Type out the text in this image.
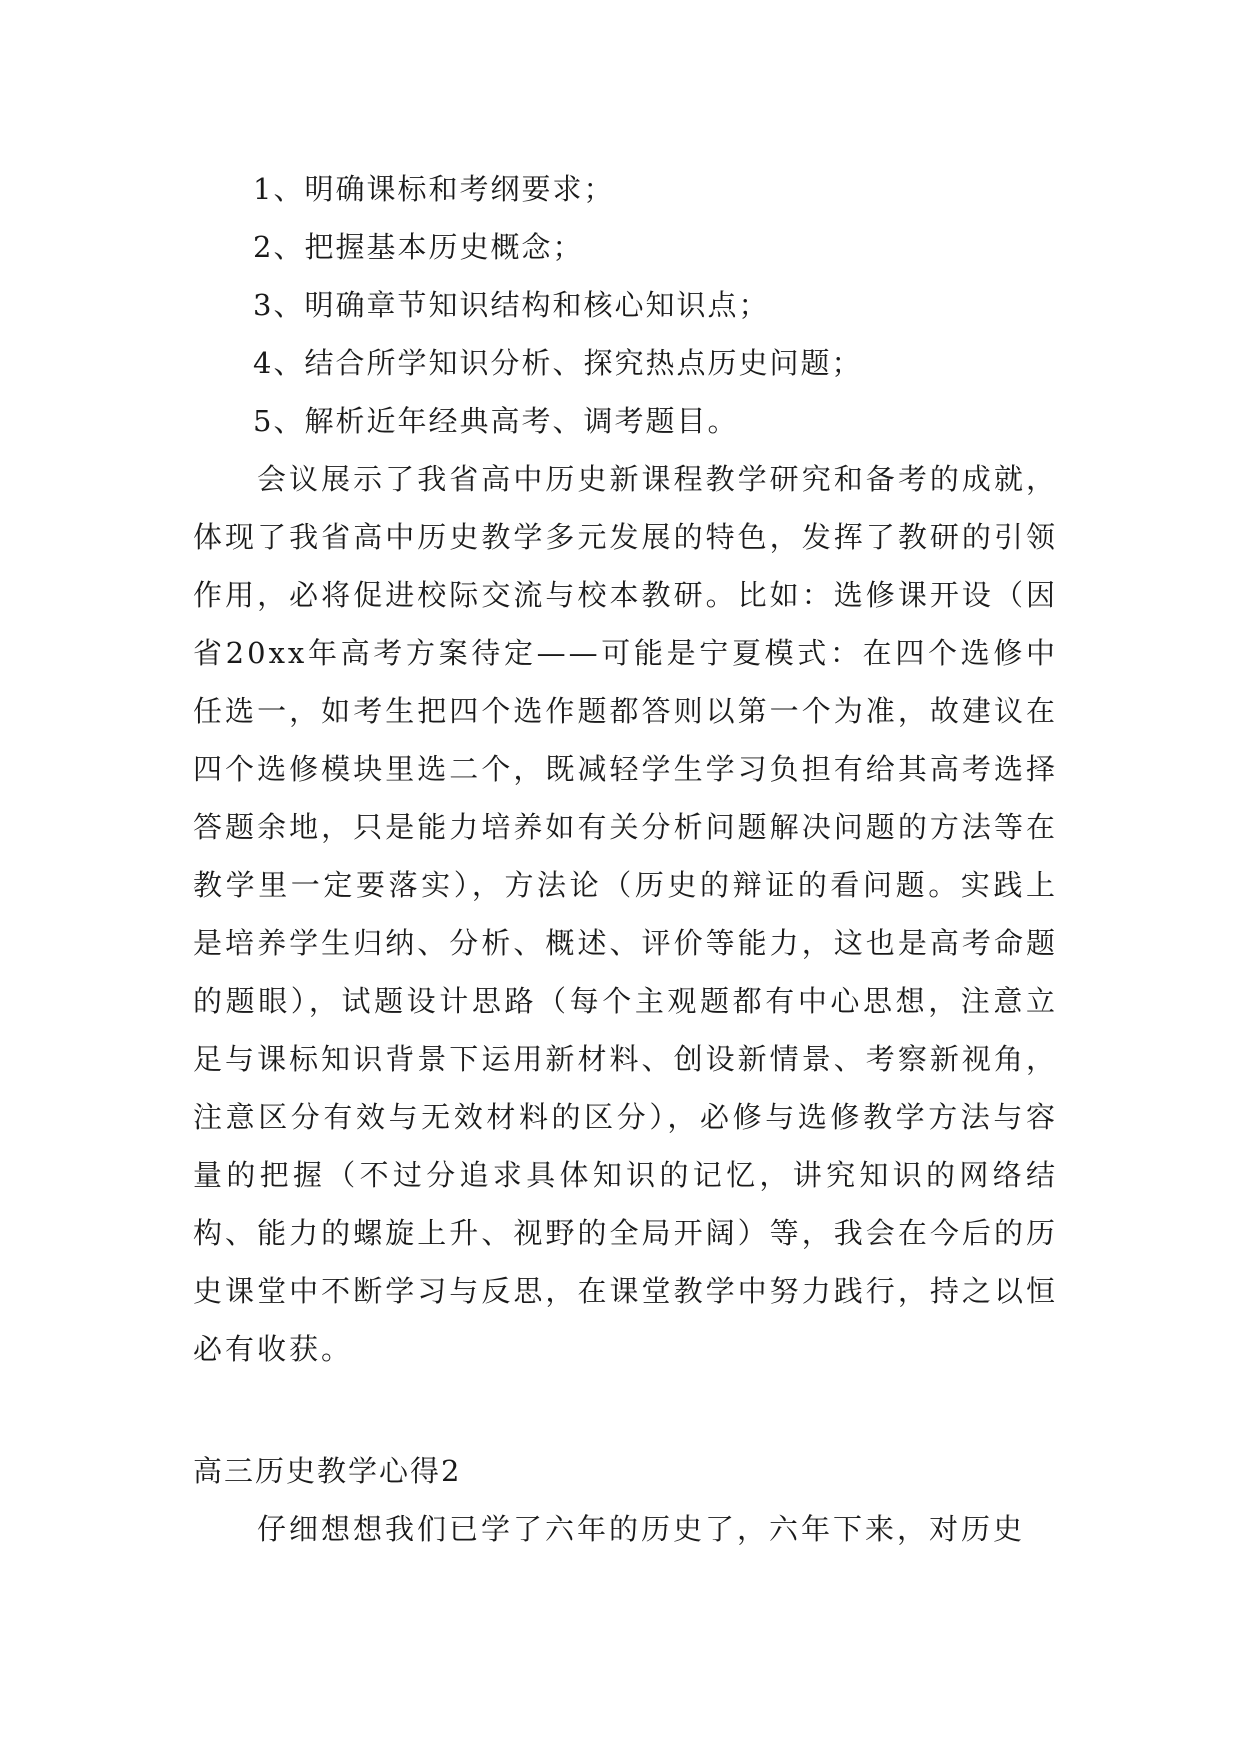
1、明确课标和考纲要求；
2、把握基本历史概念；
3、明确章节知识结构和核心知识点；
4、结合所学知识分析、探究热点历史问题；
5、解析近年经典高考、调考题目。

会议展示了我省高中历史新课程教学研究和备考的成就，体现了我省高中历史教学多元发展的特色，发挥了教研的引领作用，必将促进校际交流与校本教研。比如：选修课开设（因省20xx年高考方案待定——可能是宁夏模式：在四个选修中任选一，如考生把四个选作题都答则以第一个为准，故建议在四个选修模块里选二个，既减轻学生学习负担有给其高考选择答题余地，只是能力培养如有关分析问题解决问题的方法等在教学里一定要落实），方法论（历史的辩证的看问题。实践上是培养学生归纳、分析、概述、评价等能力，这也是高考命题的题眼），试题设计思路（每个主观题都有中心思想，注意立足与课标知识背景下运用新材料、创设新情景、考察新视角，注意区分有效与无效材料的区分），必修与选修教学方法与容量的把握（不过分追求具体知识的记忆，讲究知识的网络结构、能力的螺旋上升、视野的全局开阔）等，我会在今后的历史课堂中不断学习与反思，在课堂教学中努力践行，持之以恒必有收获。

高三历史教学心得2

仔细想想我们已学了六年的历史了，六年下来，对历史
